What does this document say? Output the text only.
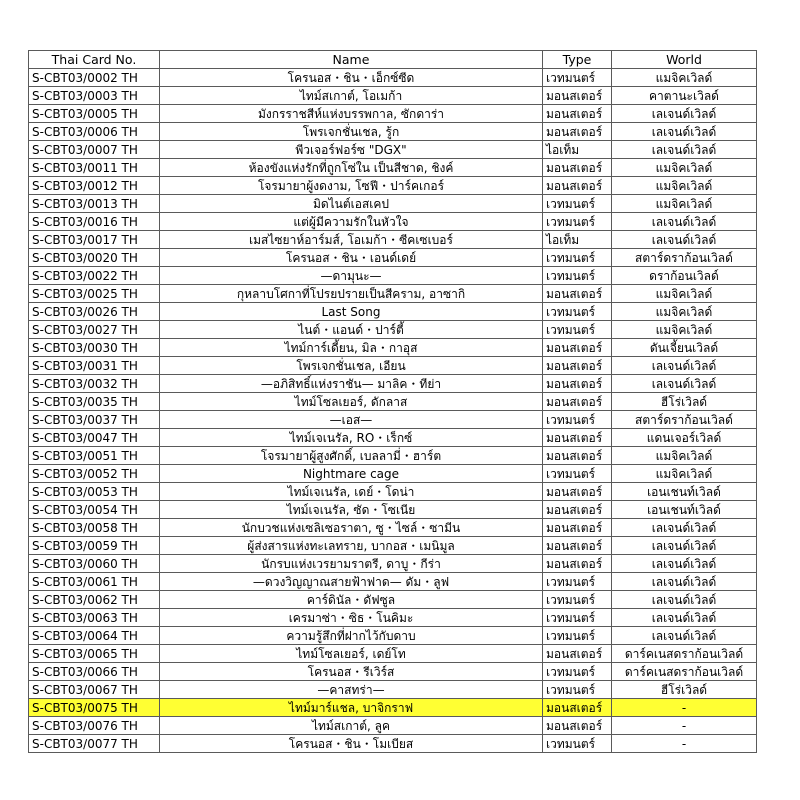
Thai Card No.	Name	Type	World
S-CBT03/0002 TH	โครนอส・ชิน・เอ็กซ์ซีด	เวทมนตร์	แมจิคเวิลด์
S-CBT03/0003 TH	ไทม์สเกาต์, โอเมก้า	มอนสเตอร์	คาตานะเวิลด์
S-CBT03/0005 TH	มังกรราชสีห์แห่งบรรพกาล, ซักดาร่า	มอนสเตอร์	เลเจนด์เวิลด์
S-CBT03/0006 TH	โพรเจกชั่นเชล, รู้ก	มอนสเตอร์	เลเจนด์เวิลด์
S-CBT03/0007 TH	พีวเจอร์ฟอร์ซ "DGX"	ไอเท็ม	เลเจนด์เวิลด์
S-CBT03/0011 TH	ห้องขังแห่งรักที่ถูกโซ่ใน เป็นสีชาด, ชิงค์	มอนสเตอร์	แมจิคเวิลด์
S-CBT03/0012 TH	โจรมายาผู้งดงาม, โซฟี・ปาร์คเกอร์	มอนสเตอร์	แมจิคเวิลด์
S-CBT03/0013 TH	มิดไนต์เอสเคป	เวทมนตร์	แมจิคเวิลด์
S-CBT03/0016 TH	แต่ผู้มีความรักในหัวใจ	เวทมนตร์	เลเจนด์เวิลด์
S-CBT03/0017 TH	เมสไซยาห์อาร์มส์, โอเมก้า・ซีคเซเบอร์	ไอเท็ม	เลเจนด์เวิลด์
S-CBT03/0020 TH	โครนอส・ชิน・เอนด์เดย์	เวทมนตร์	สตาร์ดราก้อนเวิลด์
S-CBT03/0022 TH	—ดามุนะ—	เวทมนตร์	ดราก้อนเวิลด์
S-CBT03/0025 TH	กุหลาบโศกาที่โปรยปรายเป็นสีคราม, อาซากิ	มอนสเตอร์	แมจิคเวิลด์
S-CBT03/0026 TH	Last Song	เวทมนตร์	แมจิคเวิลด์
S-CBT03/0027 TH	ไนต์・แอนด์・ปาร์ตี้	เวทมนตร์	แมจิคเวิลด์
S-CBT03/0030 TH	ไทม์การ์เดี้ยน, มิล・กาอุส	มอนสเตอร์	ดันเจี้ยนเวิลด์
S-CBT03/0031 TH	โพรเจกชั่นเชล, เอียน	มอนสเตอร์	เลเจนด์เวิลด์
S-CBT03/0032 TH	—อภิสิทธิ์แห่งราชัน— มาลิค・ทีย่า	มอนสเตอร์	เลเจนด์เวิลด์
S-CBT03/0035 TH	ไทม์โซลเยอร์, ดักลาส	มอนสเตอร์	ฮีโร่เวิลด์
S-CBT03/0037 TH	—เอส—	เวทมนตร์	สตาร์ดราก้อนเวิลด์
S-CBT03/0047 TH	ไทม์เจเนรัล, RO・เร็กซ์	มอนสเตอร์	แดนเจอร์เวิลด์
S-CBT03/0051 TH	โจรมายาผู้สูงศักดิ์, เบลลามี่・ฮาร์ต	มอนสเตอร์	แมจิคเวิลด์
S-CBT03/0052 TH	Nightmare cage	เวทมนตร์	แมจิคเวิลด์
S-CBT03/0053 TH	ไทม์เจเนรัล, เดย์・โดน่า	มอนสเตอร์	เอนเชนท์เวิลด์
S-CBT03/0054 TH	ไทม์เจเนรัล, ซัด・โซเนีย	มอนสเตอร์	เอนเชนท์เวิลด์
S-CBT03/0058 TH	นักบวชแห่งเซลิเซอราตา, ซู・ไซล์・ซามีน	มอนสเตอร์	เลเจนด์เวิลด์
S-CBT03/0059 TH	ผู้ส่งสารแห่งทะเลทราย, บากอส・เมนิมูล	มอนสเตอร์	เลเจนด์เวิลด์
S-CBT03/0060 TH	นักรบแห่งเวรยามราตรี, ดาบู・กีร่า	มอนสเตอร์	เลเจนด์เวิลด์
S-CBT03/0061 TH	—ดวงวิญญาณสายฟ้าฟาด— ดัม・ลูฟ	เวทมนตร์	เลเจนด์เวิลด์
S-CBT03/0062 TH	คาร์ดินัล・ดัฟซูล	เวทมนตร์	เลเจนด์เวิลด์
S-CBT03/0063 TH	เครมาซ่า・ซิธ・โนคิมะ	เวทมนตร์	เลเจนด์เวิลด์
S-CBT03/0064 TH	ความรู้สึกที่ฝากไว้กับดาบ	เวทมนตร์	เลเจนด์เวิลด์
S-CBT03/0065 TH	ไทม์โซลเยอร์, เดย์โท	มอนสเตอร์	ดาร์คเนสดราก้อนเวิลด์
S-CBT03/0066 TH	โครนอส・รีเวิร์ส	เวทมนตร์	ดาร์คเนสดราก้อนเวิลด์
S-CBT03/0067 TH	—คาสทร่า—	เวทมนตร์	ฮีโร่เวิลด์
S-CBT03/0075 TH	ไทม์มาร์แชล, บาจิกราฟ	มอนสเตอร์	-
S-CBT03/0076 TH	ไทม์สเกาต์, ลูค	มอนสเตอร์	-
S-CBT03/0077 TH	โครนอส・ชิน・โมเบียส	เวทมนตร์	-
